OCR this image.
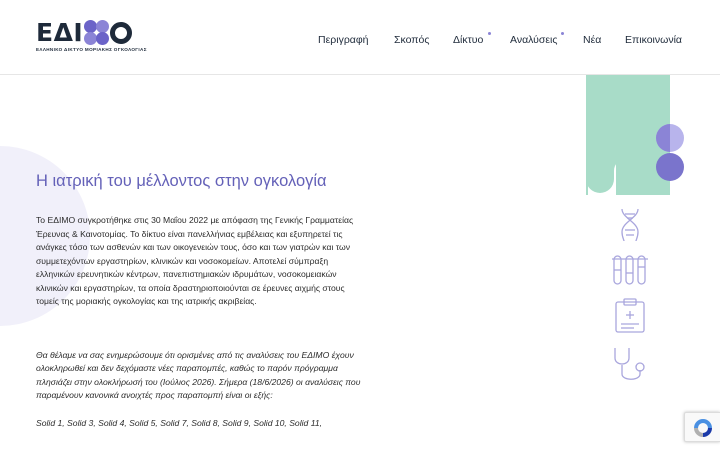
ΕΔΙ
ΕΛΛΗΝΙΚΟ ΔΙΚΤΥΟ ΜΟΡΙΑΚΗΣ ΟΓΚΟΛΟΓΙΑΣ
Περιγραφή Σκοπός Δίκτυο	Αναλύσεις Νέα Επικοινωνία
Η ιατρική του μέλλοντος στην ογκολογία

Το ΕΔΙΜΟ συγκροτήθηκε στις 30 Μαΐου 2022 με απόφαση της Γενικής Γραμματείας Έρευνας & Καινοτομίας. Το δίκτυο είναι πανελλήνιας εμβέλειας και εξυπηρετεί τις ανάγκες τόσο των ασθενών και των οικογενειών τους, όσο και των γιατρών και των συμμετεχόντων εργαστηρίων, κλινικών και νοσοκομείων. Αποτελεί σύμπραξη ελληνικών ερευνητικών κέντρων, πανεπιστημιακών ιδρυμάτων, νοσοκομειακών κλινικών και εργαστηρίων, τα οποία δραστηριοποιούνται σε έρευνες αιχμής στους τομείς της μοριακής ογκολογίας και της ιατρικής ακριβείας.

Θα θέλαμε να σας ενημερώσουμε ότι ορισμένες από τις αναλύσεις του ΕΔΙΜΟ έχουν ολοκληρωθεί και δεν δεχόμαστε νέες παραπομπές, καθώς το παρόν πρόγραμμα πλησιάζει στην ολοκλήρωσή του (Ιούλιος 2026). Σήμερα (18/6/2026) οι αναλύσεις που παραμένουν κανονικά ανοιχτές προς παραπομπή είναι οι εξής:

Solid 1, Solid 3, Solid 4, Solid 5, Solid 7, Solid 8, Solid 9, Solid 10, Solid 11,
